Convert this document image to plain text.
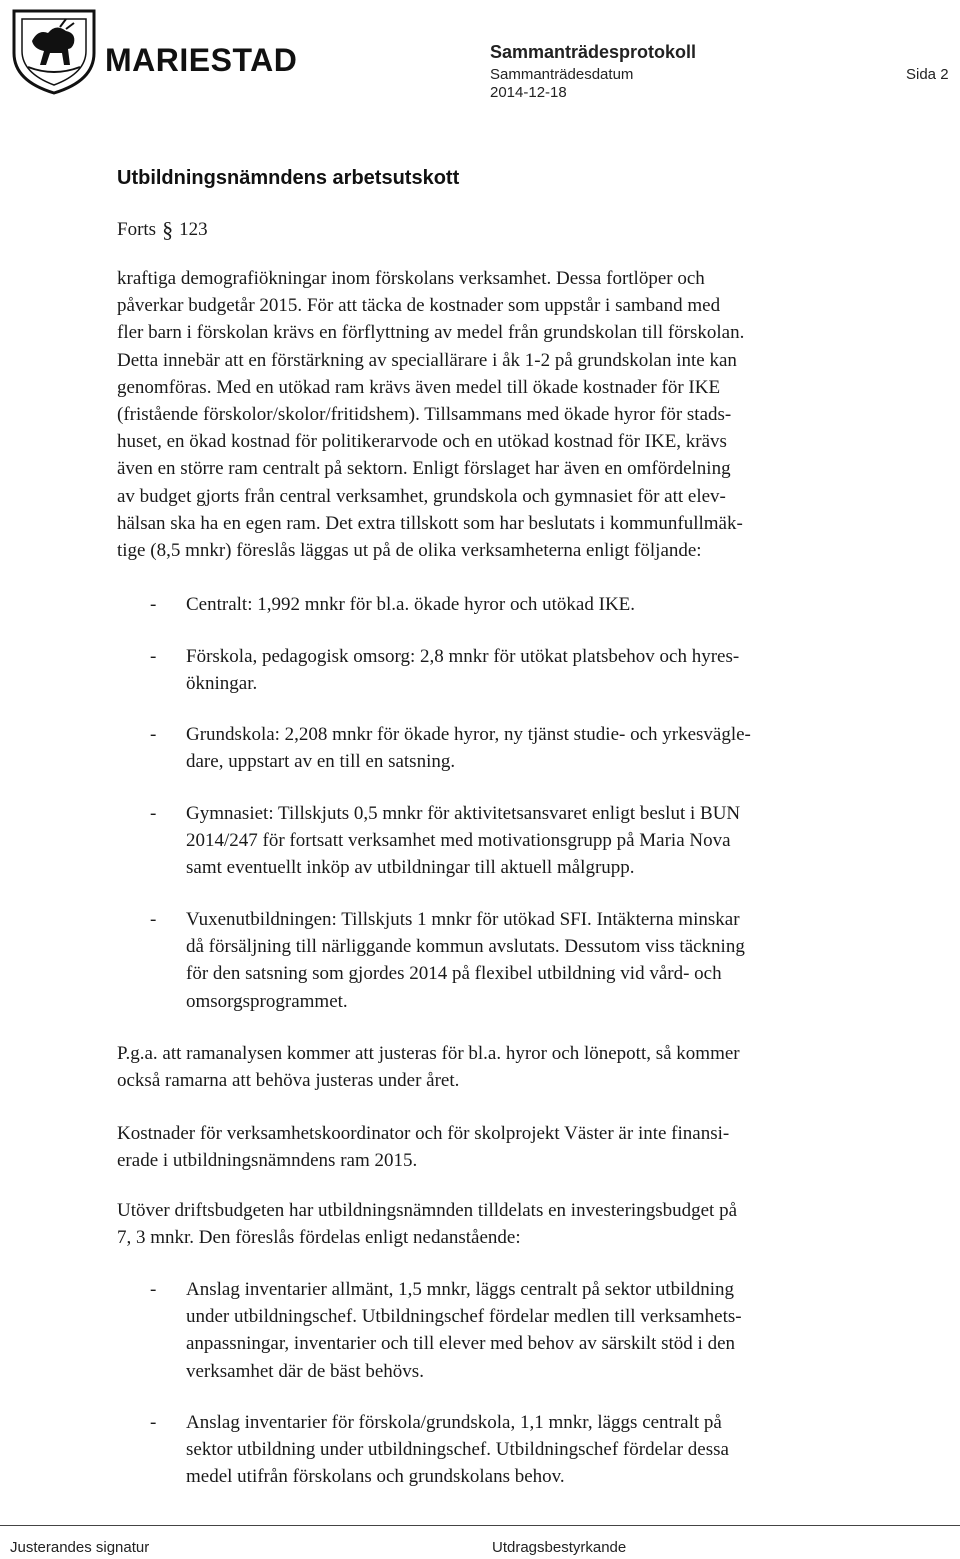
MARIESTAD	Sammanträdesprotokoll
Sammanträdesdatum	Sida 2
2014-12-18
Utbildningsnämndens arbetsutskott
Forts § 123
kraftiga demografiökningar inom förskolans verksamhet. Dessa fortlöper och
påverkar budgetår 2015. För att täcka de kostnader som uppstår i samband med
fler barn i förskolan krävs en förflyttning av medel från grundskolan till förskolan.
Detta innebär att en förstärkning av speciallärare i åk 1-2 på grundskolan inte kan
genomföras. Med en utökad ram krävs även medel till ökade kostnader för IKE
(fristående förskolor/skolor/fritidshem). Tillsammans med ökade hyror för stads-
huset, en ökad kostnad för politikerarvode och en utökad kostnad för IKE, krävs
även en större ram centralt på sektorn. Enligt förslaget har även en omfördelning
av budget gjorts från central verksamhet, grundskola och gymnasiet för att elev-
hälsan ska ha en egen ram. Det extra tillskott som har beslutats i kommunfullmäk-
tige (8,5 mnkr) föreslås läggas ut på de olika verksamheterna enligt följande:
- Centralt: 1,992 mnkr för bl.a. ökade hyror och utökad IKE.
- Förskola, pedagogisk omsorg: 2,8 mnkr för utökat platsbehov och hyres-
ökningar.
- Grundskola: 2,208 mnkr för ökade hyror, ny tjänst studie- och yrkesvägle-
dare, uppstart av en till en satsning.
- Gymnasiet: Tillskjuts 0,5 mnkr för aktivitetsansvaret enligt beslut i BUN
2014/247 för fortsatt verksamhet med motivationsgrupp på Maria Nova
samt eventuellt inköp av utbildningar till aktuell målgrupp.
- Vuxenutbildningen: Tillskjuts 1 mnkr för utökad SFI. Intäkterna minskar
då försäljning till närliggande kommun avslutats. Dessutom viss täckning
för den satsning som gjordes 2014 på flexibel utbildning vid vård- och
omsorgsprogrammet.
P.g.a. att ramanalysen kommer att justeras för bl.a. hyror och lönepott, så kommer
också ramarna att behöva justeras under året.
Kostnader för verksamhetskoordinator och för skolprojekt Väster är inte finansi-
erade i utbildningsnämndens ram 2015.
Utöver driftsbudgeten har utbildningsnämnden tilldelats en investeringsbudget på
7, 3 mnkr. Den föreslås fördelas enligt nedanstående:
- Anslag inventarier allmänt, 1,5 mnkr, läggs centralt på sektor utbildning
under utbildningschef. Utbildningschef fördelar medlen till verksamhets-
anpassningar, inventarier och till elever med behov av särskilt stöd i den
verksamhet där de bäst behövs.
- Anslag inventarier för förskola/grundskola, 1,1 mnkr, läggs centralt på
sektor utbildning under utbildningschef. Utbildningschef fördelar dessa
medel utifrån förskolans och grundskolans behov.
Justerandes signatur	Utdragsbestyrkande
